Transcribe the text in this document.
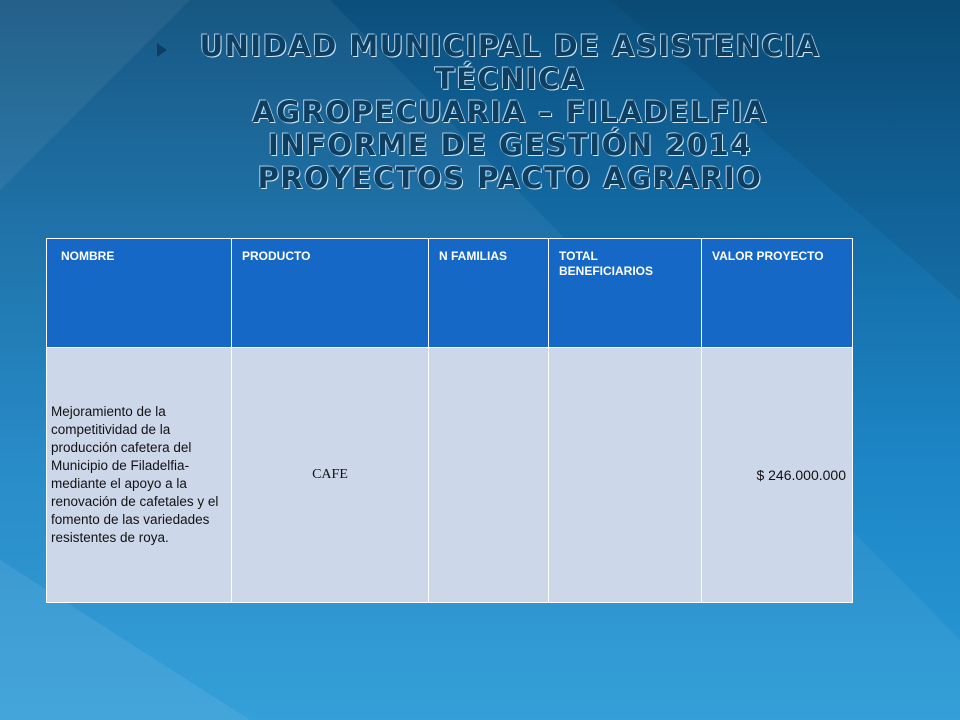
UNIDAD MUNICIPAL DE ASISTENCIA TÉCNICA
AGROPECUARIA – FILADELFIA
INFORME DE GESTIÓN 2014
PROYECTOS PACTO AGRARIO
NOMBRE	PRODUCTO	N FAMILIAS	TOTAL BENEFICIARIOS	VALOR PROYECTO

Mejoramiento de la competitividad de la producción cafetera del Municipio de Filadelfia- mediante el apoyo a la renovación de cafetales y el fomento de las variedades resistentes de roya.	CAFE			$ 246.000.000
